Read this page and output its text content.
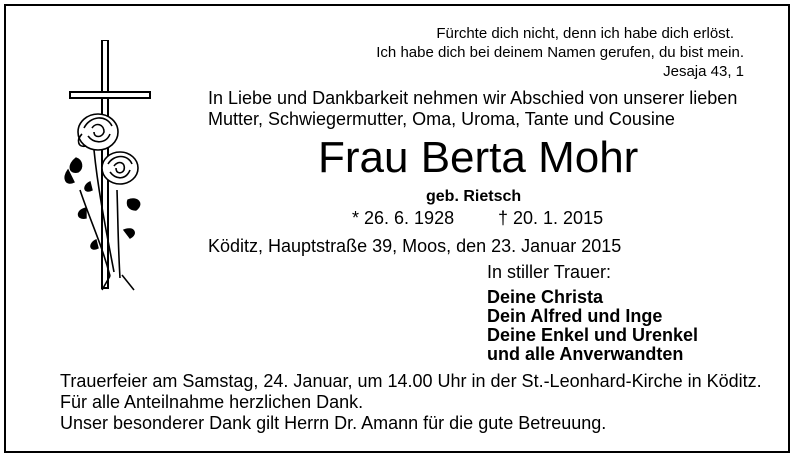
Fürchte dich nicht, denn ich habe dich erlöst.
Ich habe dich bei deinem Namen gerufen, du bist mein.
Jesaja 43, 1
In Liebe und Dankbarkeit nehmen wir Abschied von unserer lieben
Mutter, Schwiegermutter, Oma, Uroma, Tante und Cousine
Frau Berta Mohr
geb. Rietsch
* 26. 6. 1928 † 20. 1. 2015
Köditz, Hauptstraße 39, Moos, den 23. Januar 2015
In stiller Trauer:
Deine Christa
Dein Alfred und Inge
Deine Enkel und Urenkel
und alle Anverwandten
Trauerfeier am Samstag, 24. Januar, um 14.00 Uhr in der St.-Leonhard-Kirche in Köditz.
Für alle Anteilnahme herzlichen Dank.
Unser besonderer Dank gilt Herrn Dr. Amann für die gute Betreuung.
